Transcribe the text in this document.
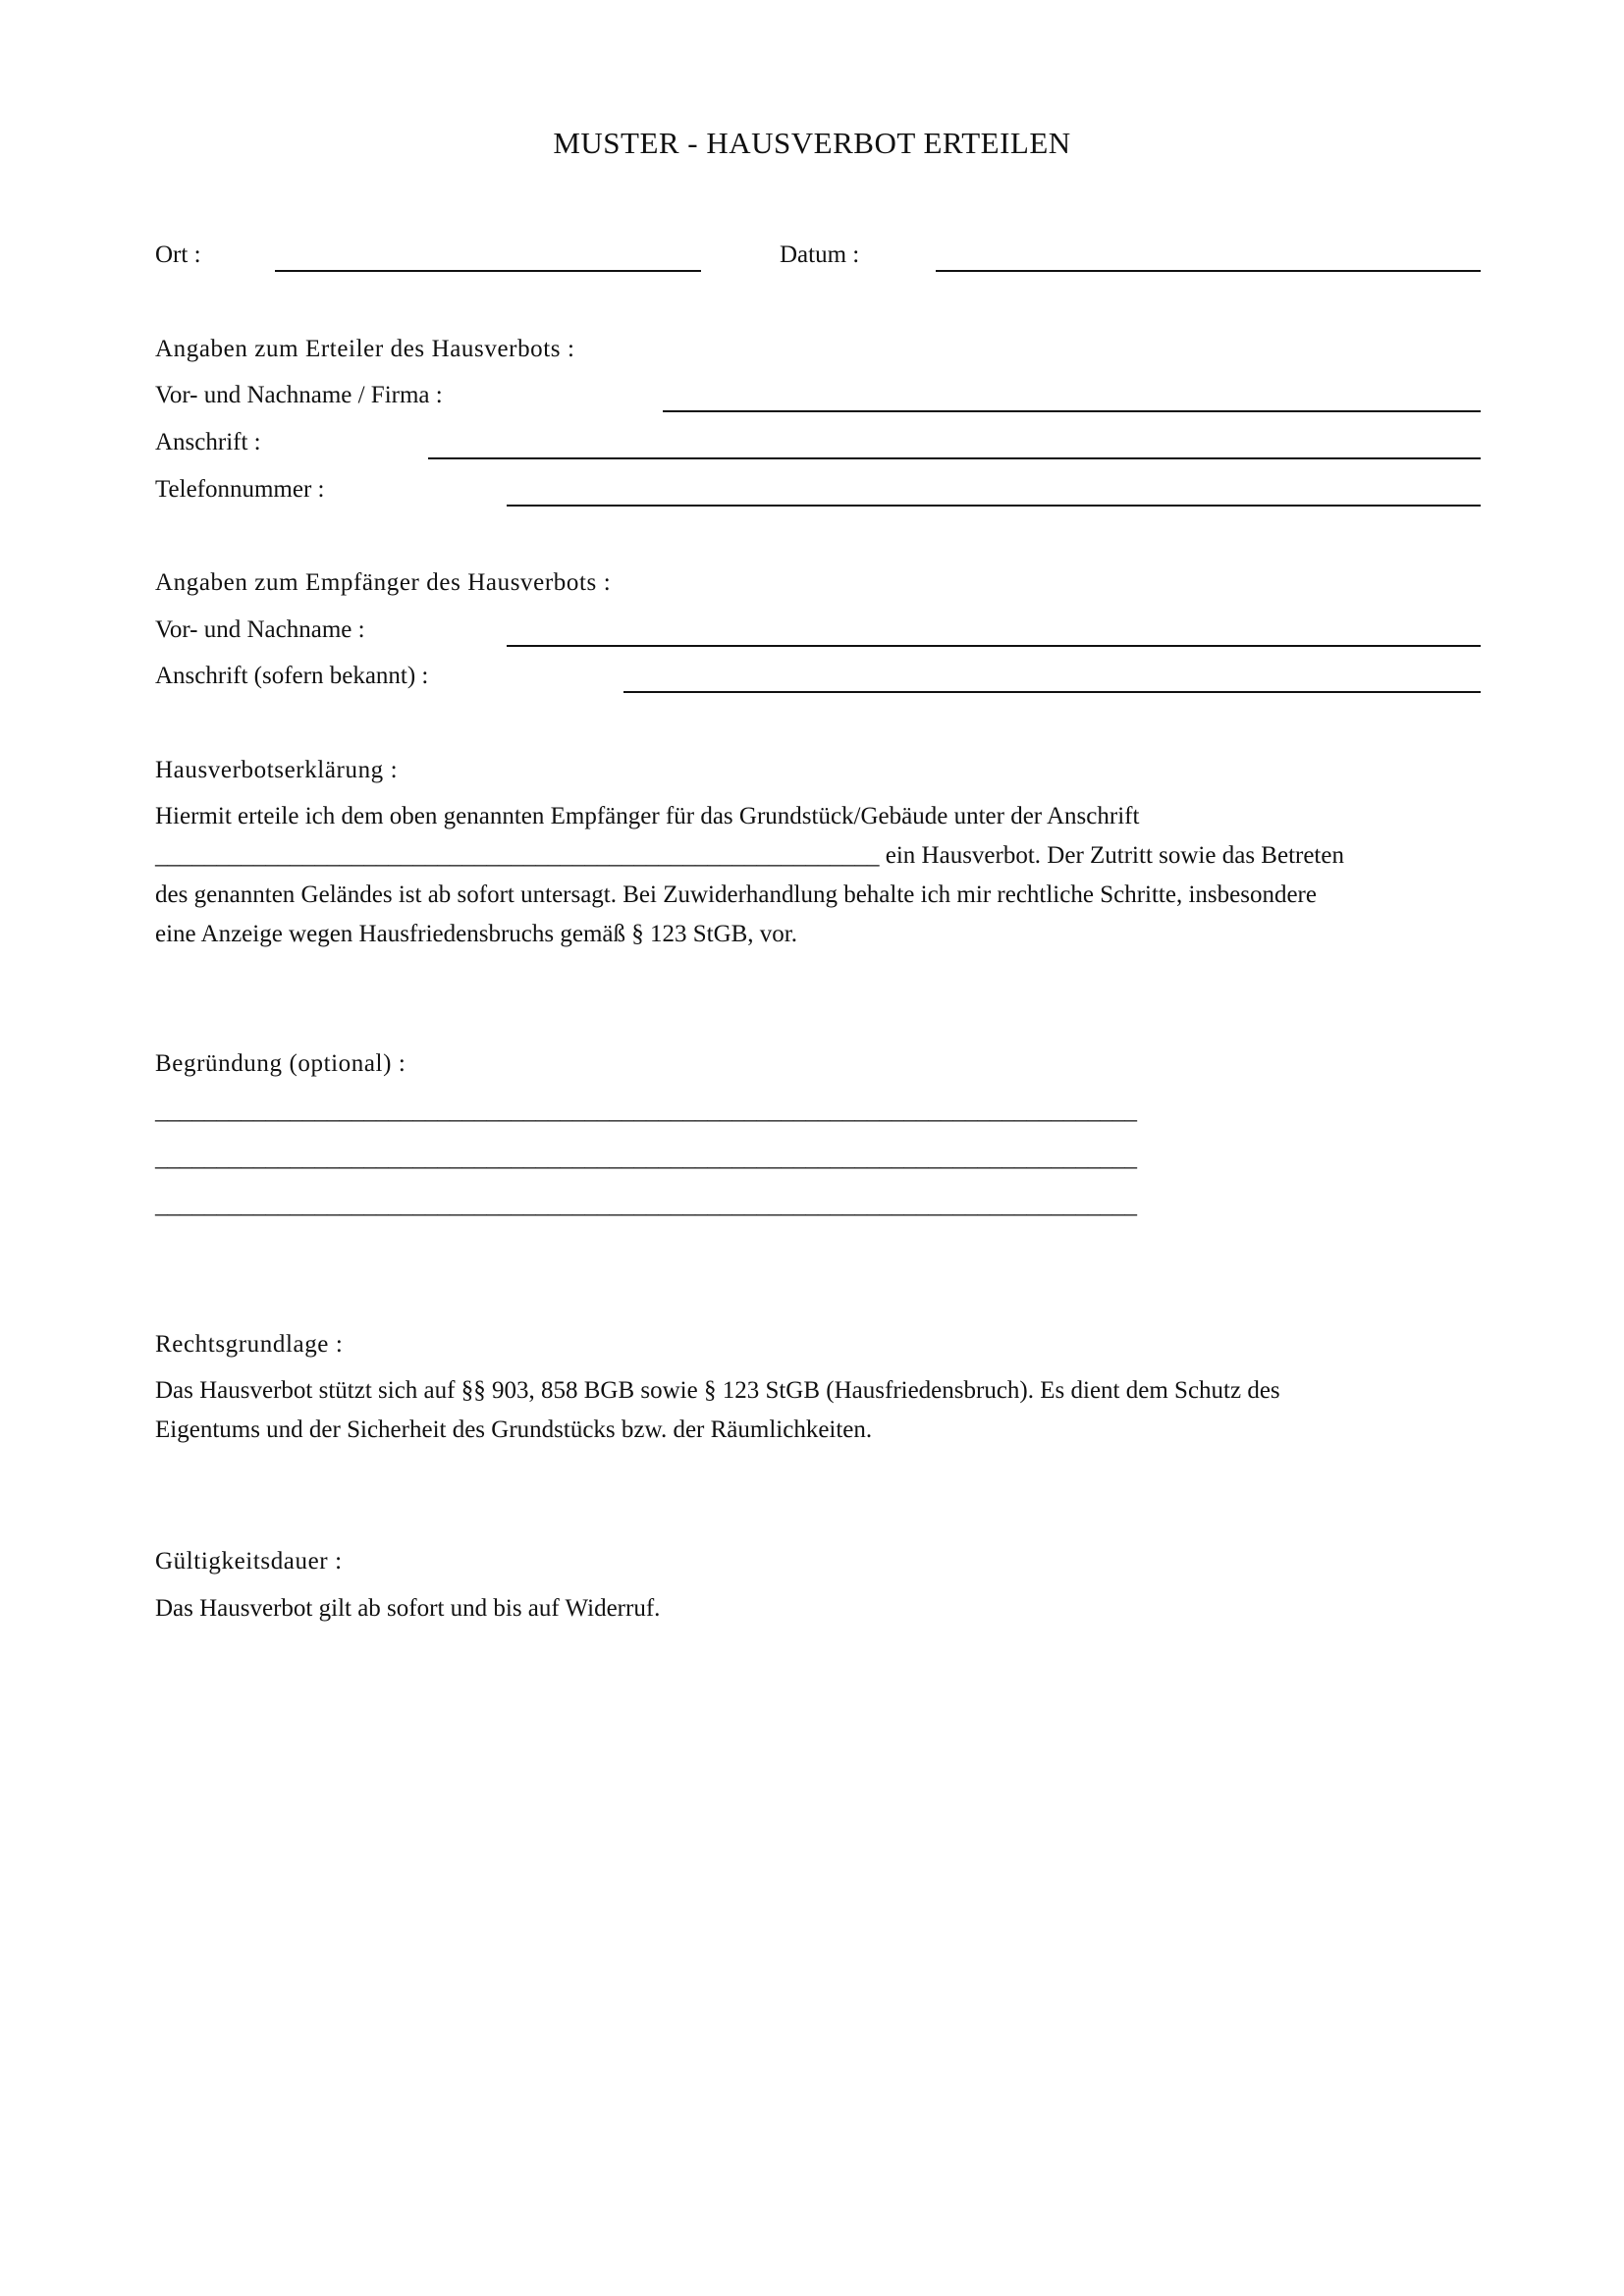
MUSTER - HAUSVERBOT ERTEILEN
Ort :	Datum :
Angaben zum Erteiler des Hausverbots :
Vor- und Nachname / Firma :
Anschrift :
Telefonnummer :
Angaben zum Empfänger des Hausverbots :
Vor- und Nachname :
Anschrift (sofern bekannt) :
Hausverbotserklärung :
Hiermit erteile ich dem oben genannten Empfänger für das Grundstück/Gebäude unter der Anschrift
___________________________________________________________ ein Hausverbot. Der Zutritt sowie das Betreten
des genannten Geländes ist ab sofort untersagt. Bei Zuwiderhandlung behalte ich mir rechtliche Schritte, insbesondere
eine Anzeige wegen Hausfriedensbruchs gemäß § 123 StGB, vor.
Begründung (optional) :
________________________________________________________________________________
________________________________________________________________________________
________________________________________________________________________________
Rechtsgrundlage :
Das Hausverbot stützt sich auf §§ 903, 858 BGB sowie § 123 StGB (Hausfriedensbruch). Es dient dem Schutz des
Eigentums und der Sicherheit des Grundstücks bzw. der Räumlichkeiten.
Gültigkeitsdauer :
Das Hausverbot gilt ab sofort und bis auf Widerruf.
